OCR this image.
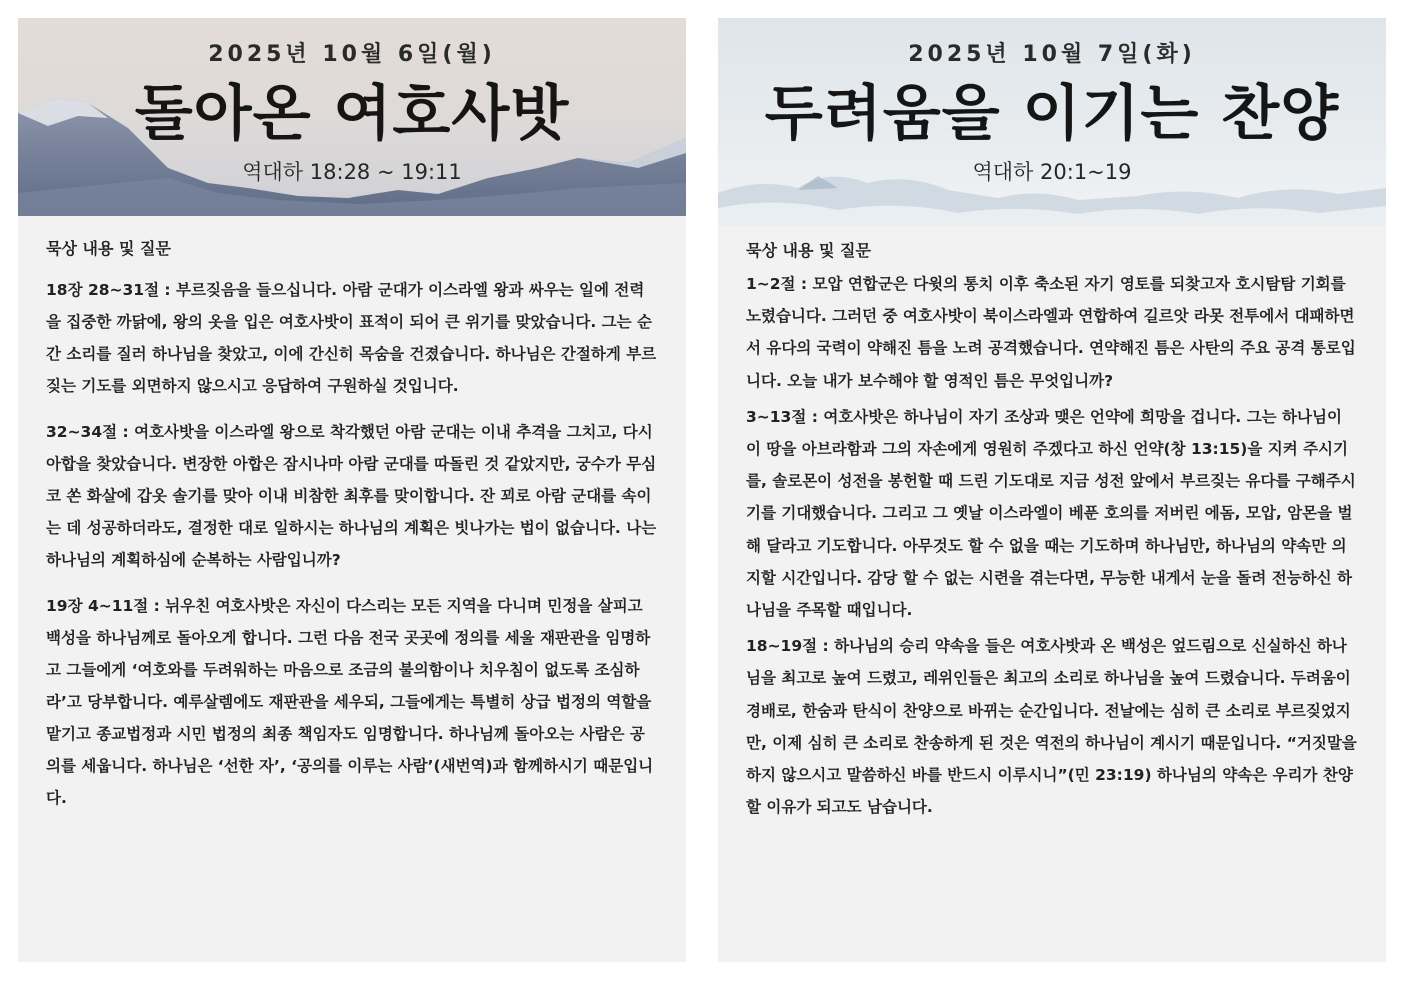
2025년 10월 6일(월)
돌아온 여호사밧
역대하 18:28 ~ 19:11
묵상 내용 및 질문
18장 28~31절 : 부르짖음을 들으십니다. 아람 군대가 이스라엘 왕과 싸우는 일에 전력을 집중한 까닭에, 왕의 옷을 입은 여호사밧이 표적이 되어 큰 위기를 맞았습니다. 그는 순간 소리를 질러 하나님을 찾았고, 이에 간신히 목숨을 건졌습니다. 하나님은 간절하게 부르짖는 기도를 외면하지 않으시고 응답하여 구원하실 것입니다.
32~34절 : 여호사밧을 이스라엘 왕으로 착각했던 아람 군대는 이내 추격을 그치고, 다시 아합을 찾았습니다. 변장한 아합은 잠시나마 아람 군대를 따돌린 것 같았지만, 궁수가 무심코 쏜 화살에 갑옷 솔기를 맞아 이내 비참한 최후를 맞이합니다. 잔 꾀로 아람 군대를 속이는 데 성공하더라도, 결정한 대로 일하시는 하나님의 계획은 빗나가는 법이 없습니다. 나는 하나님의 계획하심에 순복하는 사람입니까?
19장 4~11절 : 뉘우친 여호사밧은 자신이 다스리는 모든 지역을 다니며 민정을 살피고 백성을 하나님께로 돌아오게 합니다. 그런 다음 전국 곳곳에 정의를 세울 재판관을 임명하고 그들에게 ‘여호와를 두려워하는 마음으로 조금의 불의함이나 치우침이 없도록 조심하라’고 당부합니다. 예루살렘에도 재판관을 세우되, 그들에게는 특별히 상급 법정의 역할을 맡기고 종교법정과 시민 법정의 최종 책임자도 임명합니다. 하나님께 돌아오는 사람은 공의를 세웁니다. 하나님은 ‘선한 자’, ‘공의를 이루는 사람’(새번역)과 함께하시기 때문입니다.
2025년 10월 7일(화)
두려움을 이기는 찬양
역대하 20:1~19
묵상 내용 및 질문
1~2절 : 모압 연합군은 다윗의 통치 이후 축소된 자기 영토를 되찾고자 호시탐탐 기회를 노렸습니다. 그러던 중 여호사밧이 북이스라엘과 연합하여 길르앗 라못 전투에서 대패하면서 유다의 국력이 약해진 틈을 노려 공격했습니다. 연약해진 틈은 사탄의 주요 공격 통로입니다. 오늘 내가 보수해야 할 영적인 틈은 무엇입니까?
3~13절 : 여호사밧은 하나님이 자기 조상과 맺은 언약에 희망을 겁니다. 그는 하나님이 이 땅을 아브라함과 그의 자손에게 영원히 주겠다고 하신 언약(창 13:15)을 지켜 주시기를, 솔로몬이 성전을 봉헌할 때 드린 기도대로 지금 성전 앞에서 부르짖는 유다를 구해주시기를 기대했습니다. 그리고 그 옛날 이스라엘이 베푼 호의를 저버린 에돔, 모압, 암몬을 벌해 달라고 기도합니다. 아무것도 할 수 없을 때는 기도하며 하나님만, 하나님의 약속만 의지할 시간입니다. 감당 할 수 없는 시련을 겪는다면, 무능한 내게서 눈을 돌려 전능하신 하나님을 주목할 때입니다.
18~19절 : 하나님의 승리 약속을 들은 여호사밧과 온 백성은 엎드림으로 신실하신 하나님을 최고로 높여 드렸고, 레위인들은 최고의 소리로 하나님을 높여 드렸습니다. 두려움이 경배로, 한숨과 탄식이 찬양으로 바뀌는 순간입니다. 전날에는 심히 큰 소리로 부르짖었지만, 이제 심히 큰 소리로 찬송하게 된 것은 역전의 하나님이 계시기 때문입니다. “거짓말을 하지 않으시고 말씀하신 바를 반드시 이루시니”(민 23:19) 하나님의 약속은 우리가 찬양할 이유가 되고도 남습니다.
